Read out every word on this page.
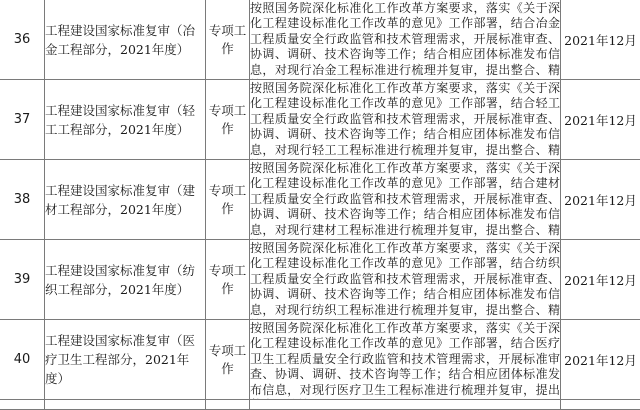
36	工程建设国家标准复审（冶金工程部分，2021年度）	专项工作	按照国务院深化标准化工作改革方案要求，落实《关于深化工程建设标准化工作改革的意见》工作部署，结合冶金工程质量安全行政监管和技术管理需求，开展标准审查、协调、调研、技术咨询等工作；结合相应团体标准发布信息，对现行冶金工程标准进行梳理并复审，提出整合、精	2021年12月
37	工程建设国家标准复审（轻工工程部分，2021年度）	专项工作	按照国务院深化标准化工作改革方案要求，落实《关于深化工程建设标准化工作改革的意见》工作部署，结合轻工工程质量安全行政监管和技术管理需求，开展标准审查、协调、调研、技术咨询等工作；结合相应团体标准发布信息，对现行轻工工程标准进行梳理并复审，提出整合、精	2021年12月
38	工程建设国家标准复审（建材工程部分，2021年度）	专项工作	按照国务院深化标准化工作改革方案要求，落实《关于深化工程建设标准化工作改革的意见》工作部署，结合建材工程质量安全行政监管和技术管理需求，开展标准审查、协调、调研、技术咨询等工作；结合相应团体标准发布信息，对现行建材工程标准进行梳理并复审，提出整合、精	2021年12月
39	工程建设国家标准复审（纺织工程部分，2021年度）	专项工作	按照国务院深化标准化工作改革方案要求，落实《关于深化工程建设标准化工作改革的意见》工作部署，结合纺织工程质量安全行政监管和技术管理需求，开展标准审查、协调、调研、技术咨询等工作；结合相应团体标准发布信息，对现行纺织工程标准进行梳理并复审，提出整合、精	2021年12月
40	工程建设国家标准复审（医疗卫生工程部分，2021年度）	专项工作	按照国务院深化标准化工作改革方案要求，落实《关于深化工程建设标准化工作改革的意见》工作部署，结合医疗卫生工程质量安全行政监管和技术管理需求，开展标准审查、协调、调研、技术咨询等工作；结合相应团体标准发布信息，对现行医疗卫生工程标准进行梳理并复审，提出	2021年12月
